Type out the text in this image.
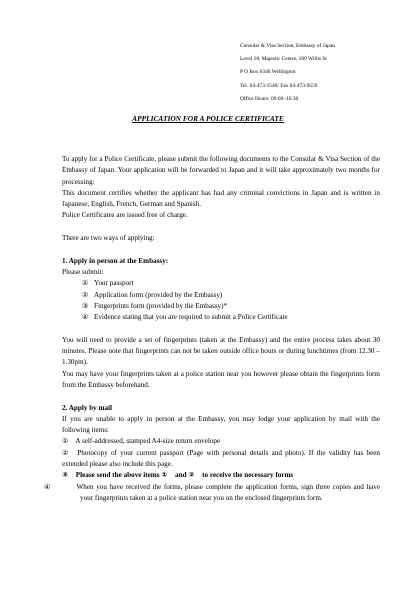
Consular & Visa Section, Embassy of Japan
Level 18, Majestic Centre, 100 Willis St
P O Box 6340 Wellington
Tel. 04-473-1540/ Fax 04-473-9559
Office Hours: 09:00–16:30
APPLICATION FOR A POLICE CERTIFICATE

To apply for a Police Certificate, please submit the following documents to the Consular & Visa Section of the Embassy of Japan. Your application will be forwarded to Japan and it will take approximately two months for processing:

This document certifies whether the applicant has had any criminal convictions in Japan and is written in Japanese, English, French, German and Spanish.

Police Certificates are issued free of charge.

There are two ways of applying:

1. Apply in person at the Embassy:

Please submit:

① Your passport
② Application form (provided by the Embassy)
③ Fingerprints form (provided by the Embassy)*
④ Evidence stating that you are required to submit a Police Certificate

You will need to provide a set of fingerprints (taken at the Embassy) and the entire process takes about 30 minutes. Please note that fingerprints can not be taken outside office hours or during lunchtimes (from 12.30 – 1.30pm).

You may have your fingerprints taken at a police station near you however please obtain the fingerprints form from the Embassy beforehand.

2. Apply by mail

If you are unable to apply in person at the Embassy, you may lodge your application by mail with the following items:

① A self-addressed, stamped A4-size return envelope
② Photocopy of your current passport (Page with personal details and photo). If the validity has been extended please also include this page.
③ Please send the above items ① and ② to receive the necessary forms
④	When you have received the forms, please complete the application forms, sign three copies and have your fingerprints taken at a police station near you on the enclosed fingerprints form.
